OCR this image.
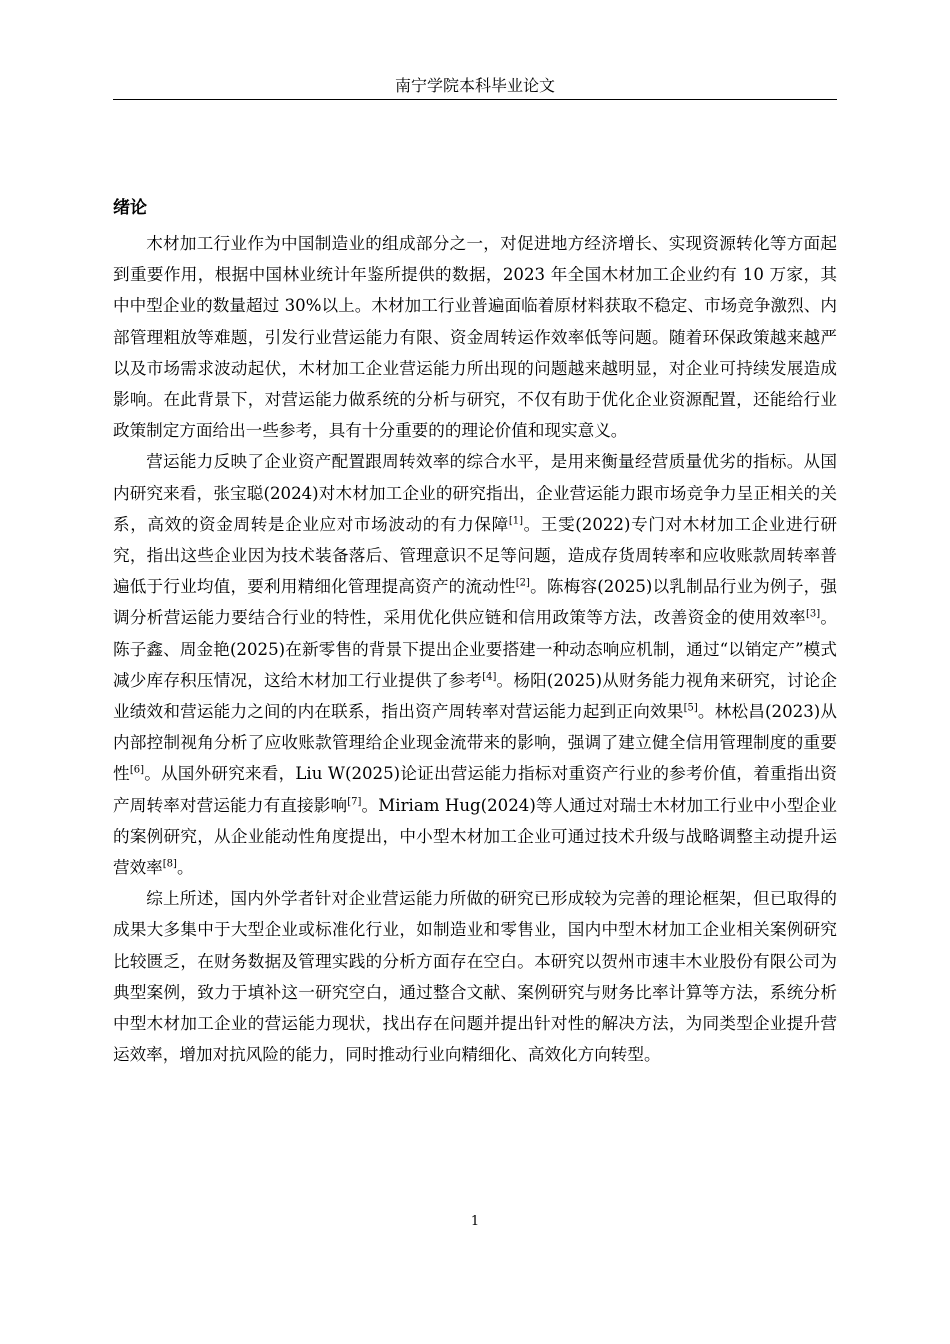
南宁学院本科毕业论文
绪论

木材加工行业作为中国制造业的组成部分之一，对促进地方经济增长、实现资源转化等方面起到重要作用，根据中国林业统计年鉴所提供的数据，2023 年全国木材加工企业约有 10 万家，其中中型企业的数量超过 30%以上。木材加工行业普遍面临着原材料获取不稳定、市场竞争激烈、内部管理粗放等难题，引发行业营运能力有限、资金周转运作效率低等问题。随着环保政策越来越严以及市场需求波动起伏，木材加工企业营运能力所出现的问题越来越明显，对企业可持续发展造成影响。在此背景下，对营运能力做系统的分析与研究，不仅有助于优化企业资源配置，还能给行业政策制定方面给出一些参考，具有十分重要的的理论价值和现实意义。

营运能力反映了企业资产配置跟周转效率的综合水平，是用来衡量经营质量优劣的指标。从国内研究来看，张宝聪(2024)对木材加工企业的研究指出，企业营运能力跟市场竞争力呈正相关的关系，高效的资金周转是企业应对市场波动的有力保障[1]。王雯(2022)专门对木材加工企业进行研究，指出这些企业因为技术装备落后、管理意识不足等问题，造成存货周转率和应收账款周转率普遍低于行业均值，要利用精细化管理提高资产的流动性[2]。陈梅容(2025)以乳制品行业为例子，强调分析营运能力要结合行业的特性，采用优化供应链和信用政策等方法，改善资金的使用效率[3]。陈子鑫、周金艳(2025)在新零售的背景下提出企业要搭建一种动态响应机制，通过“以销定产”模式减少库存积压情况，这给木材加工行业提供了参考[4]。杨阳(2025)从财务能力视角来研究，讨论企业绩效和营运能力之间的内在联系，指出资产周转率对营运能力起到正向效果[5]。林松昌(2023)从内部控制视角分析了应收账款管理给企业现金流带来的影响，强调了建立健全信用管理制度的重要性[6]。从国外研究来看，Liu W(2025)论证出营运能力指标对重资产行业的参考价值，着重指出资产周转率对营运能力有直接影响[7]。Miriam Hug(2024)等人通过对瑞士木材加工行业中小型企业的案例研究，从企业能动性角度提出，中小型木材加工企业可通过技术升级与战略调整主动提升运营效率[8]。

综上所述，国内外学者针对企业营运能力所做的研究已形成较为完善的理论框架，但已取得的成果大多集中于大型企业或标准化行业，如制造业和零售业，国内中型木材加工企业相关案例研究比较匮乏，在财务数据及管理实践的分析方面存在空白。本研究以贺州市速丰木业股份有限公司为典型案例，致力于填补这一研究空白，通过整合文献、案例研究与财务比率计算等方法，系统分析中型木材加工企业的营运能力现状，找出存在问题并提出针对性的解决方法，为同类型企业提升营运效率，增加对抗风险的能力，同时推动行业向精细化、高效化方向转型。

1
